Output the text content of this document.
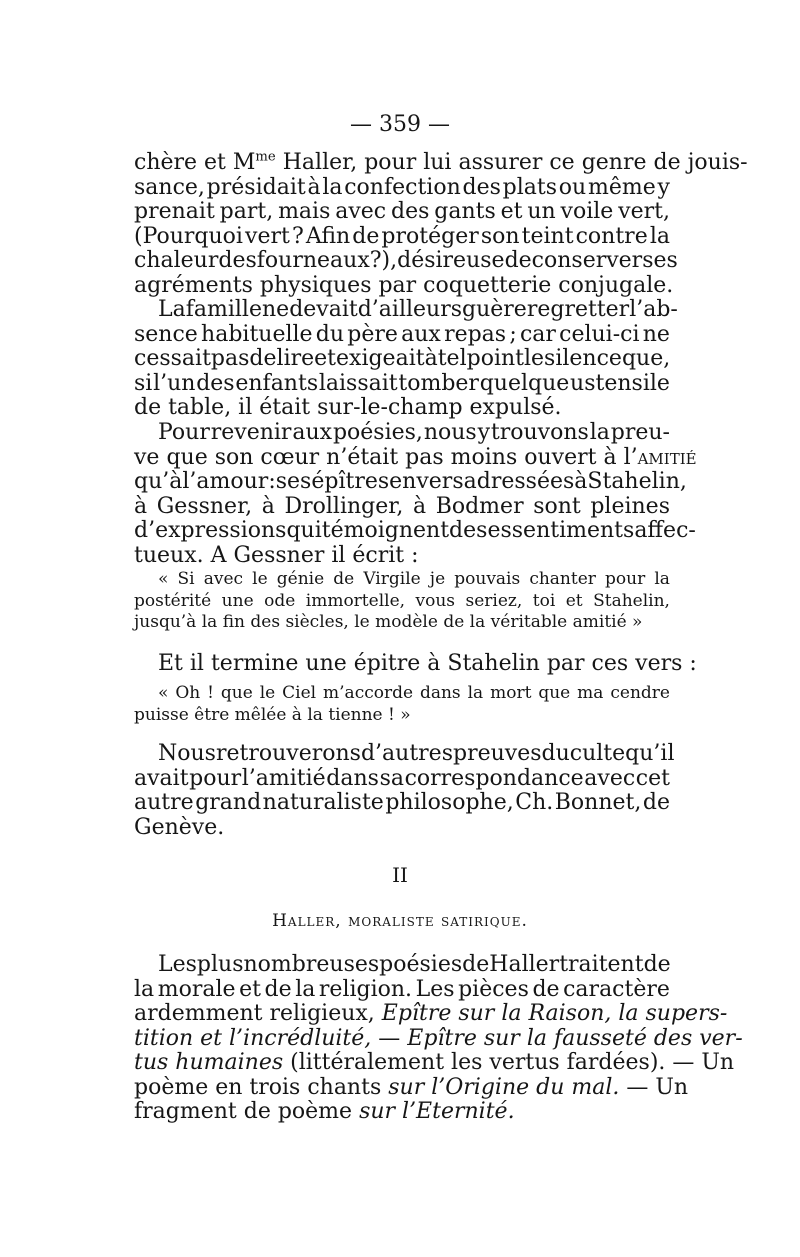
— 359 —
chère et $M^{me}$ Haller, pour lui assurer ce genre de jouis-
sance, présidait à la confection des plats ou même y
prenait part, mais avec des gants et un voile vert,
(Pourquoi vert ? Afin de protéger son teint contre la
chaleur des fourneaux ?), désireuse de conserver ses
agréments physiques par coquetterie conjugale.
La famille ne devait d’ailleurs guère regretter l’ab-
sence habituelle du père aux repas ; car celui-ci ne
cessait pas de lire et exigeait à tel point le silence que,
si l’un des enfants laissait tomber quelque ustensile
de table, il était sur-le-champ expulsé.
Pour revenir aux poésies, nous y trouvons la preu-
ve que son cœur n’était pas moins ouvert à l’amitié
qu’à l’amour : ses épîtres en vers adressées à Stahelin,
à Gessner, à Drollinger, à Bodmer sont pleines
d’expressions qui témoignent de ses sentiments affec-
tueux. A Gessner il écrit :
« Si avec le génie de Virgile je pouvais chanter pour la
postérité une ode immortelle, vous seriez, toi et Stahelin,
jusqu’à la fin des siècles, le modèle de la véritable amitié »
Et il termine une épitre à Stahelin par ces vers :
« Oh ! que le Ciel m’accorde dans la mort que ma cendre
puisse être mêlée à la tienne ! »
Nous retrouverons d’autres preuves du culte qu’il
avait pour l’amitié dans sa correspondance avec cet
autre grand naturaliste philosophe, Ch. Bonnet, de
Genève.
II
Haller, moraliste satirique.
Les plus nombreuses poésies de Haller traitent de
la morale et de la religion. Les pièces de caractère
ardemment religieux, Epître sur la Raison, la supers-
tition et l’incrédluité, — Epître sur la fausseté des ver-
tus humaines (littéralement les vertus fardées). — Un
poème en trois chants sur l’Origine du mal. — Un
fragment de poème sur l’Eternité.
